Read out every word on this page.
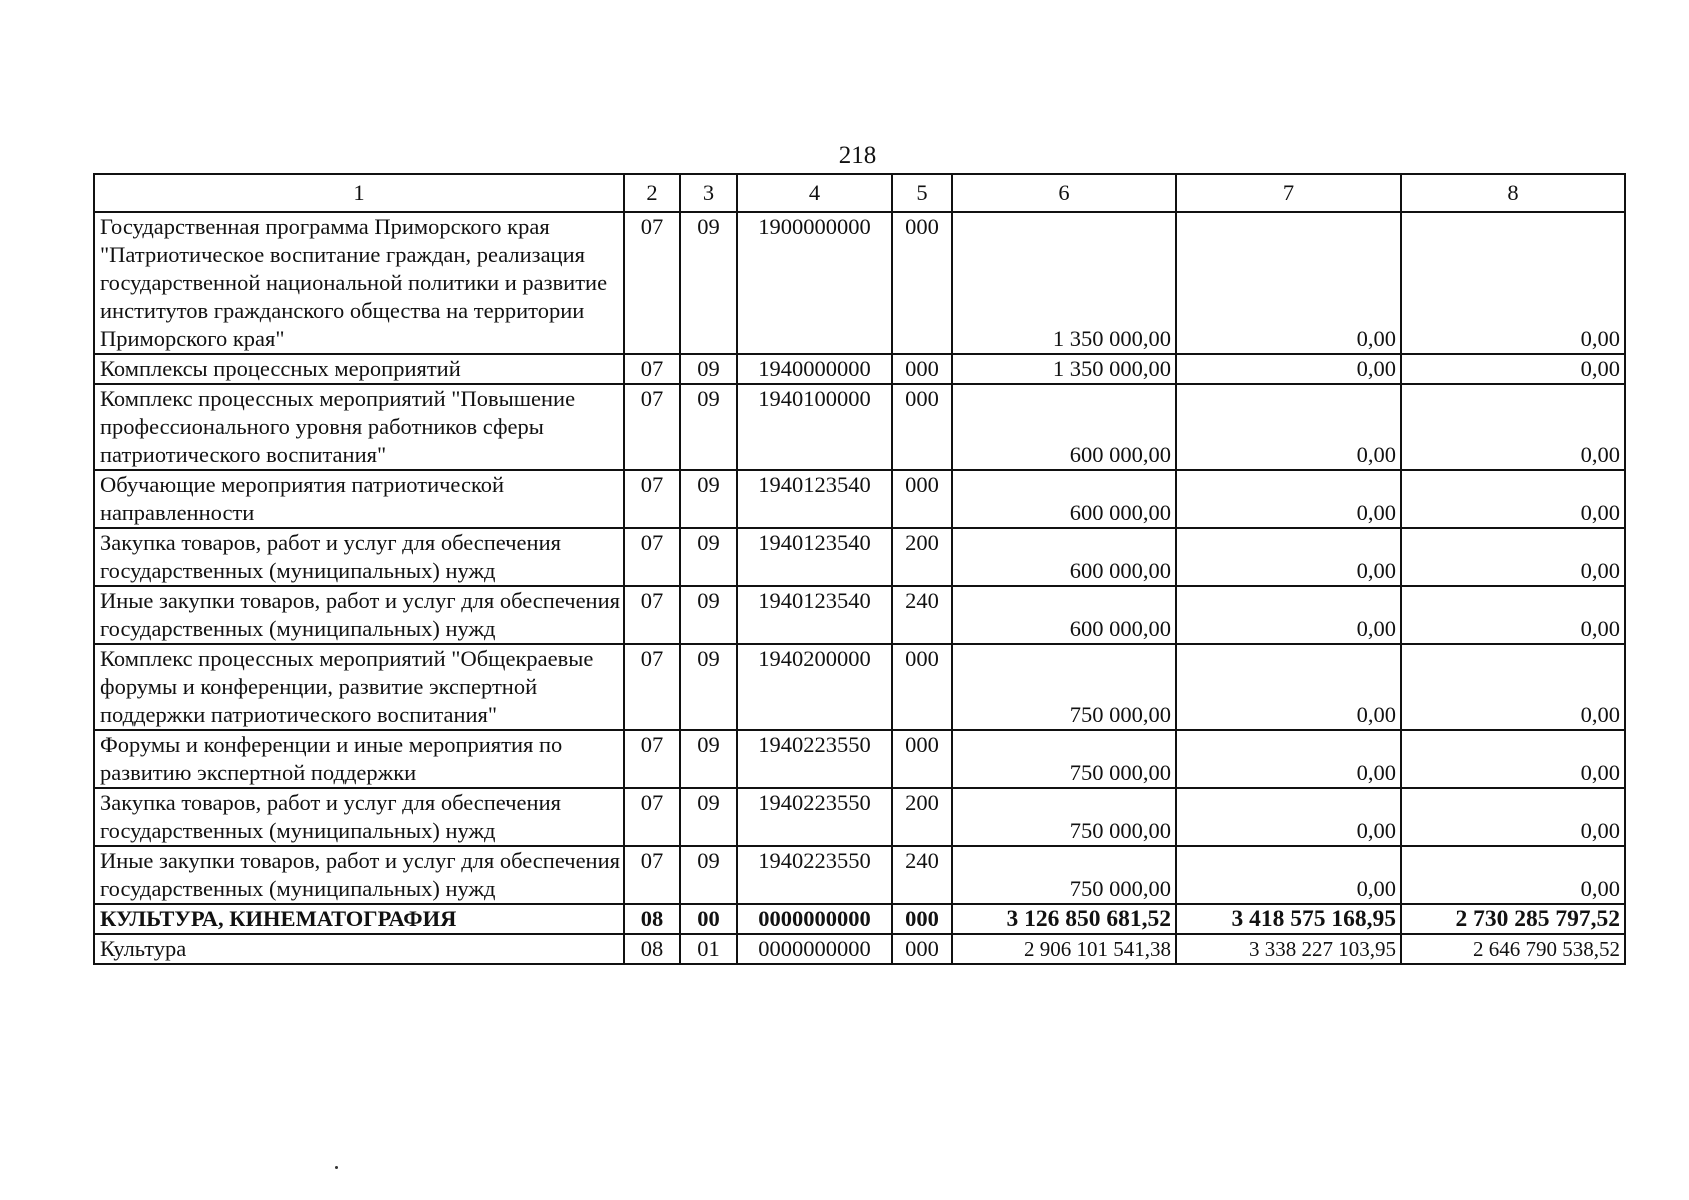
218
1	2	3	4	5	6	7	8
Государственная программа Приморского края "Патриотическое воспитание граждан, реализация государственной национальной политики и развитие институтов гражданского общества на территории Приморского края"	07	09	1900000000	000	1 350 000,00	0,00	0,00
Комплексы процессных мероприятий	07	09	1940000000	000	1 350 000,00	0,00	0,00
Комплекс процессных мероприятий "Повышение профессионального уровня работников сферы патриотического воспитания"	07	09	1940100000	000	600 000,00	0,00	0,00
Обучающие мероприятия патриотической направленности	07	09	1940123540	000	600 000,00	0,00	0,00
Закупка товаров, работ и услуг для обеспечения государственных (муниципальных) нужд	07	09	1940123540	200	600 000,00	0,00	0,00
Иные закупки товаров, работ и услуг для обеспечения государственных (муниципальных) нужд	07	09	1940123540	240	600 000,00	0,00	0,00
Комплекс процессных мероприятий "Общекраевые форумы и конференции, развитие экспертной поддержки патриотического воспитания"	07	09	1940200000	000	750 000,00	0,00	0,00
Форумы и конференции и иные мероприятия по развитию экспертной поддержки	07	09	1940223550	000	750 000,00	0,00	0,00
Закупка товаров, работ и услуг для обеспечения государственных (муниципальных) нужд	07	09	1940223550	200	750 000,00	0,00	0,00
Иные закупки товаров, работ и услуг для обеспечения государственных (муниципальных) нужд	07	09	1940223550	240	750 000,00	0,00	0,00
КУЛЬТУРА, КИНЕМАТОГРАФИЯ	08	00	0000000000	000	3 126 850 681,52	3 418 575 168,95	2 730 285 797,52
Культура	08	01	0000000000	000	2 906 101 541,38	3 338 227 103,95	2 646 790 538,52
